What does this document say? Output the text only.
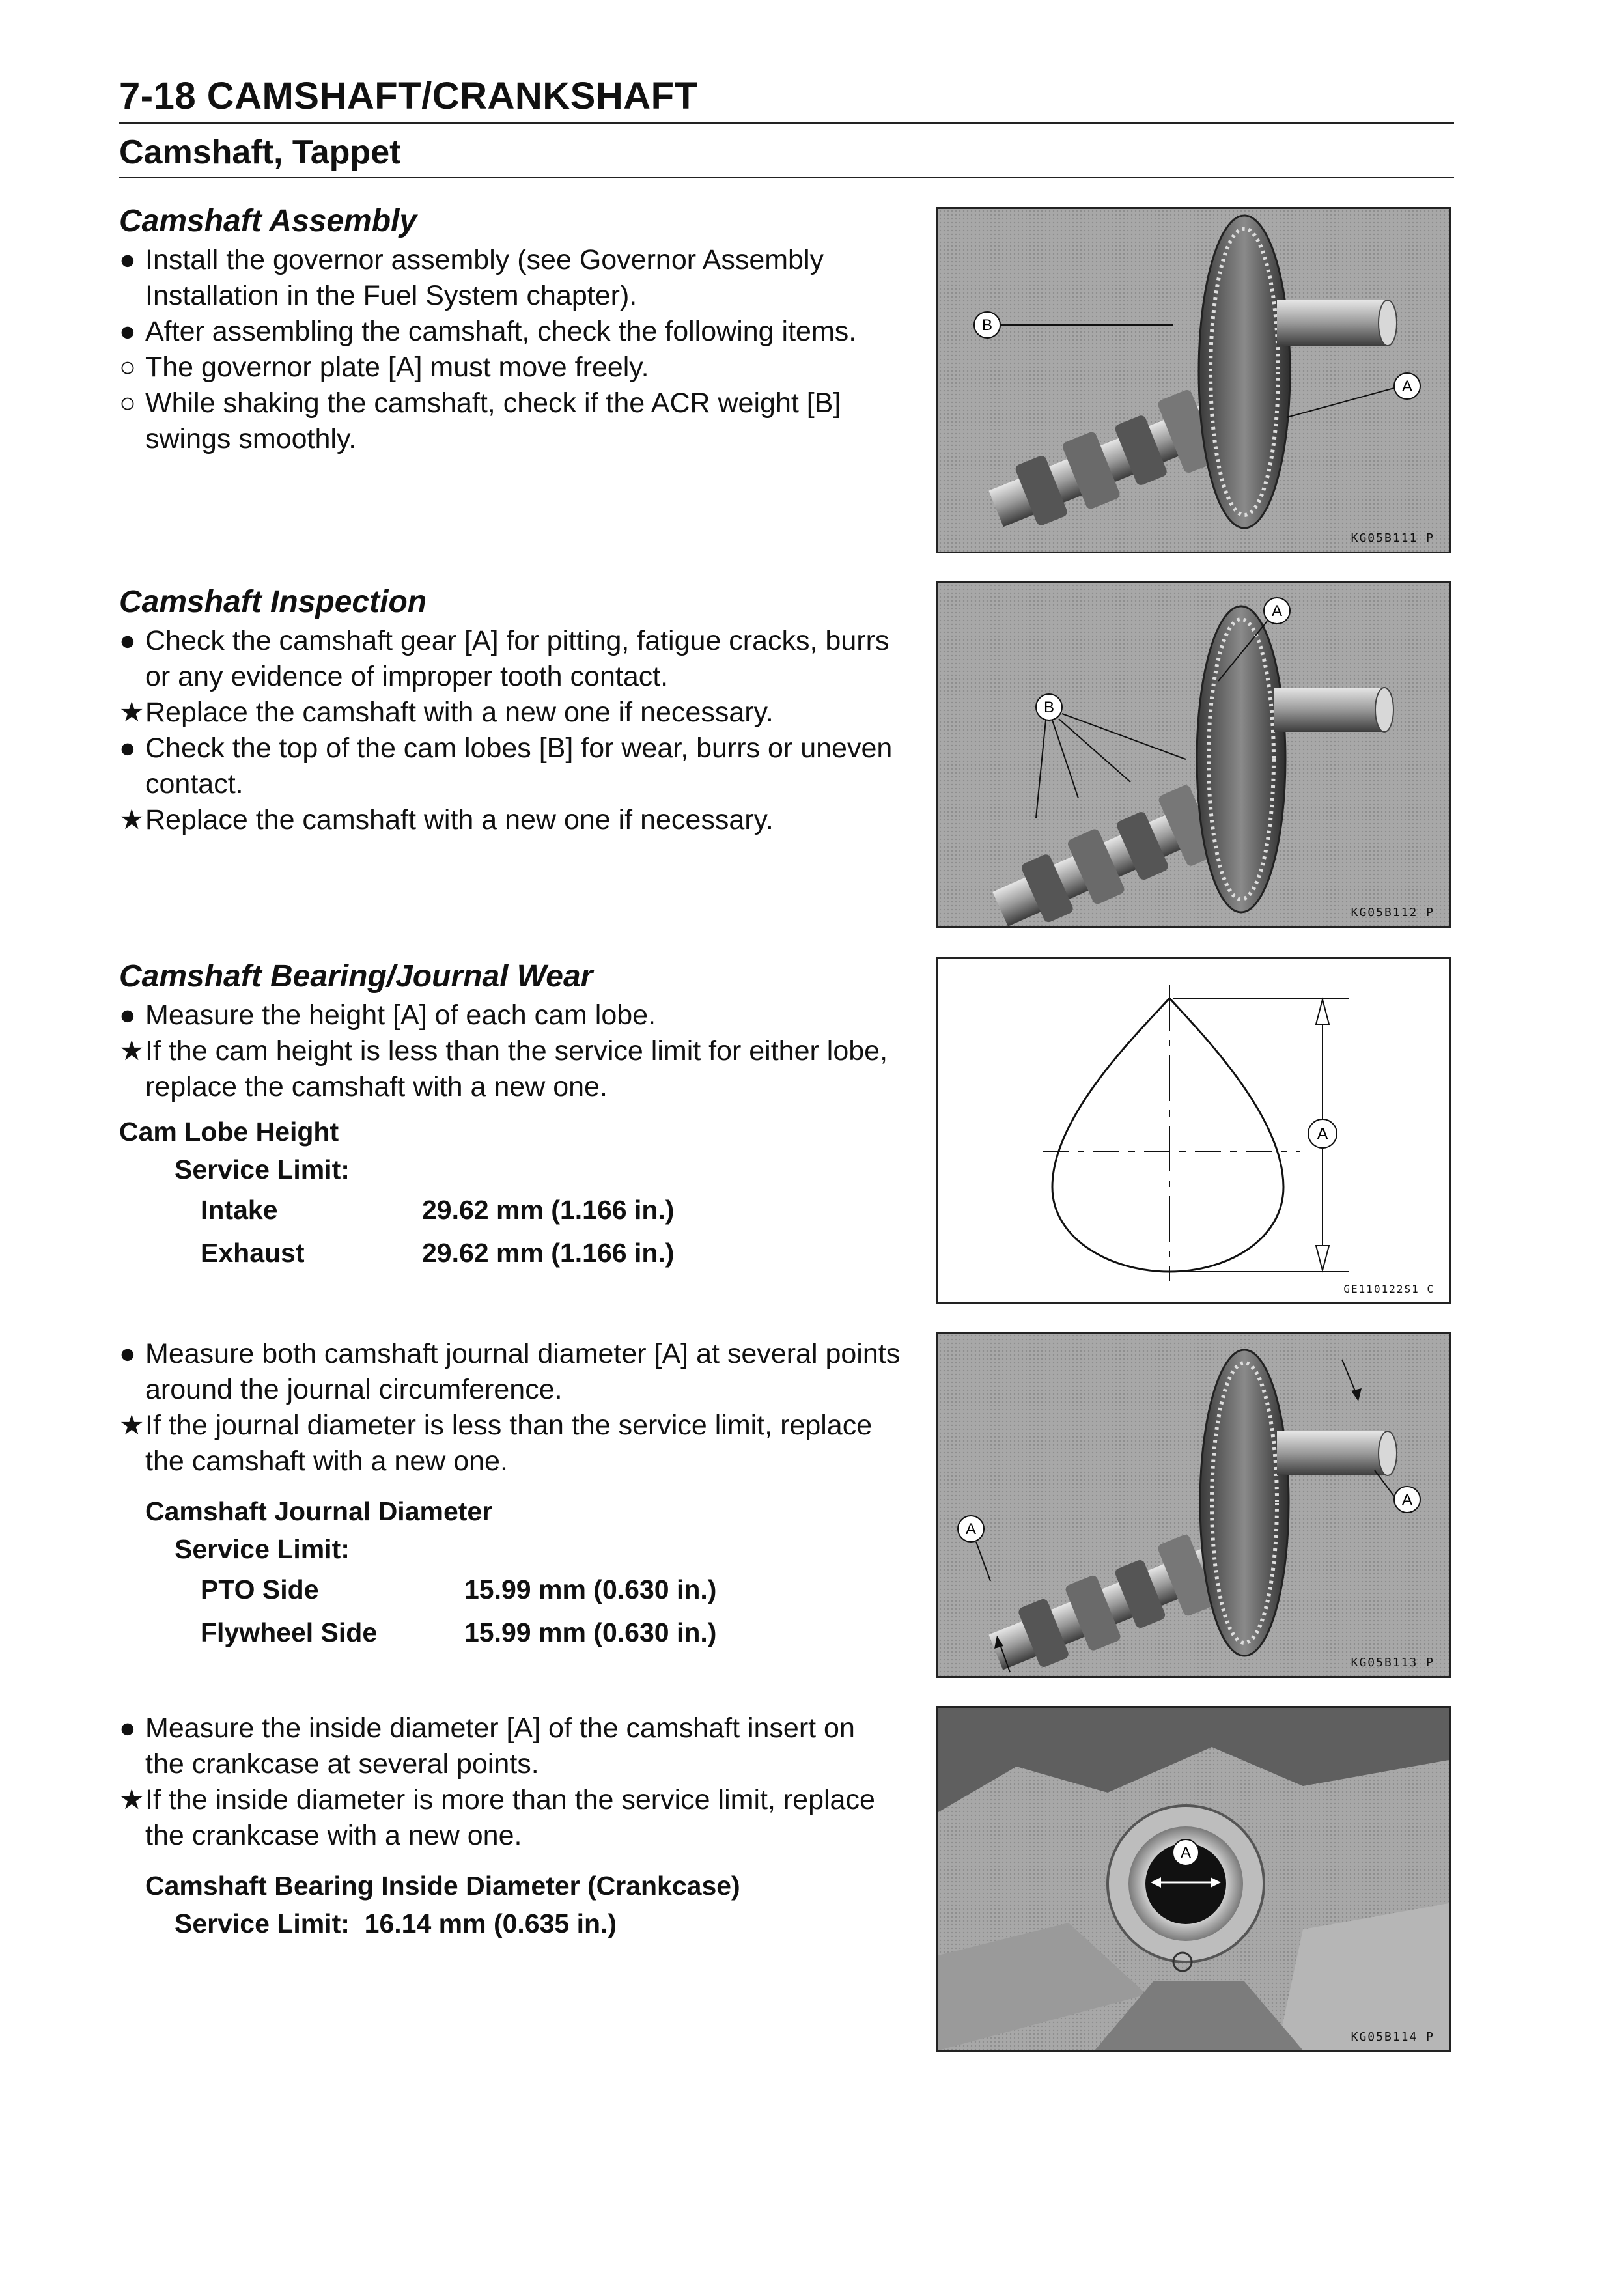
7-18 CAMSHAFT/CRANKSHAFT
Camshaft, Tappet
Camshaft Assembly
● Install the governor assembly (see Governor Assembly Installation in the Fuel System chapter).
● After assembling the camshaft, check the following items.
○ The governor plate [A] must move freely.
○ While shaking the camshaft, check if the ACR weight [B] swings smoothly.
B
A
KG05B111 P
Camshaft Inspection
● Check the camshaft gear [A] for pitting, fatigue cracks, burrs or any evidence of improper tooth contact.
★ Replace the camshaft with a new one if necessary.
● Check the top of the cam lobes [B] for wear, burrs or uneven contact.
★ Replace the camshaft with a new one if necessary.
A
B
KG05B112 P
Camshaft Bearing/Journal Wear
● Measure the height [A] of each cam lobe.
★ If the cam height is less than the service limit for either lobe, replace the camshaft with a new one.
Cam Lobe Height
Service Limit:
Intake	29.62 mm (1.166 in.)
Exhaust	29.62 mm (1.166 in.)
A
GE110122S1 C
● Measure both camshaft journal diameter [A] at several points around the journal circumference.
★ If the journal diameter is less than the service limit, replace the camshaft with a new one.
Camshaft Journal Diameter
Service Limit:
PTO Side	15.99 mm (0.630 in.)
Flywheel Side	15.99 mm (0.630 in.)
A
A
KG05B113 P
● Measure the inside diameter [A] of the camshaft insert on the crankcase at several points.
★ If the inside diameter is more than the service limit, replace the crankcase with a new one.
Camshaft Bearing Inside Diameter (Crankcase)
Service Limit:  16.14 mm (0.635 in.)
A
KG05B114 P
